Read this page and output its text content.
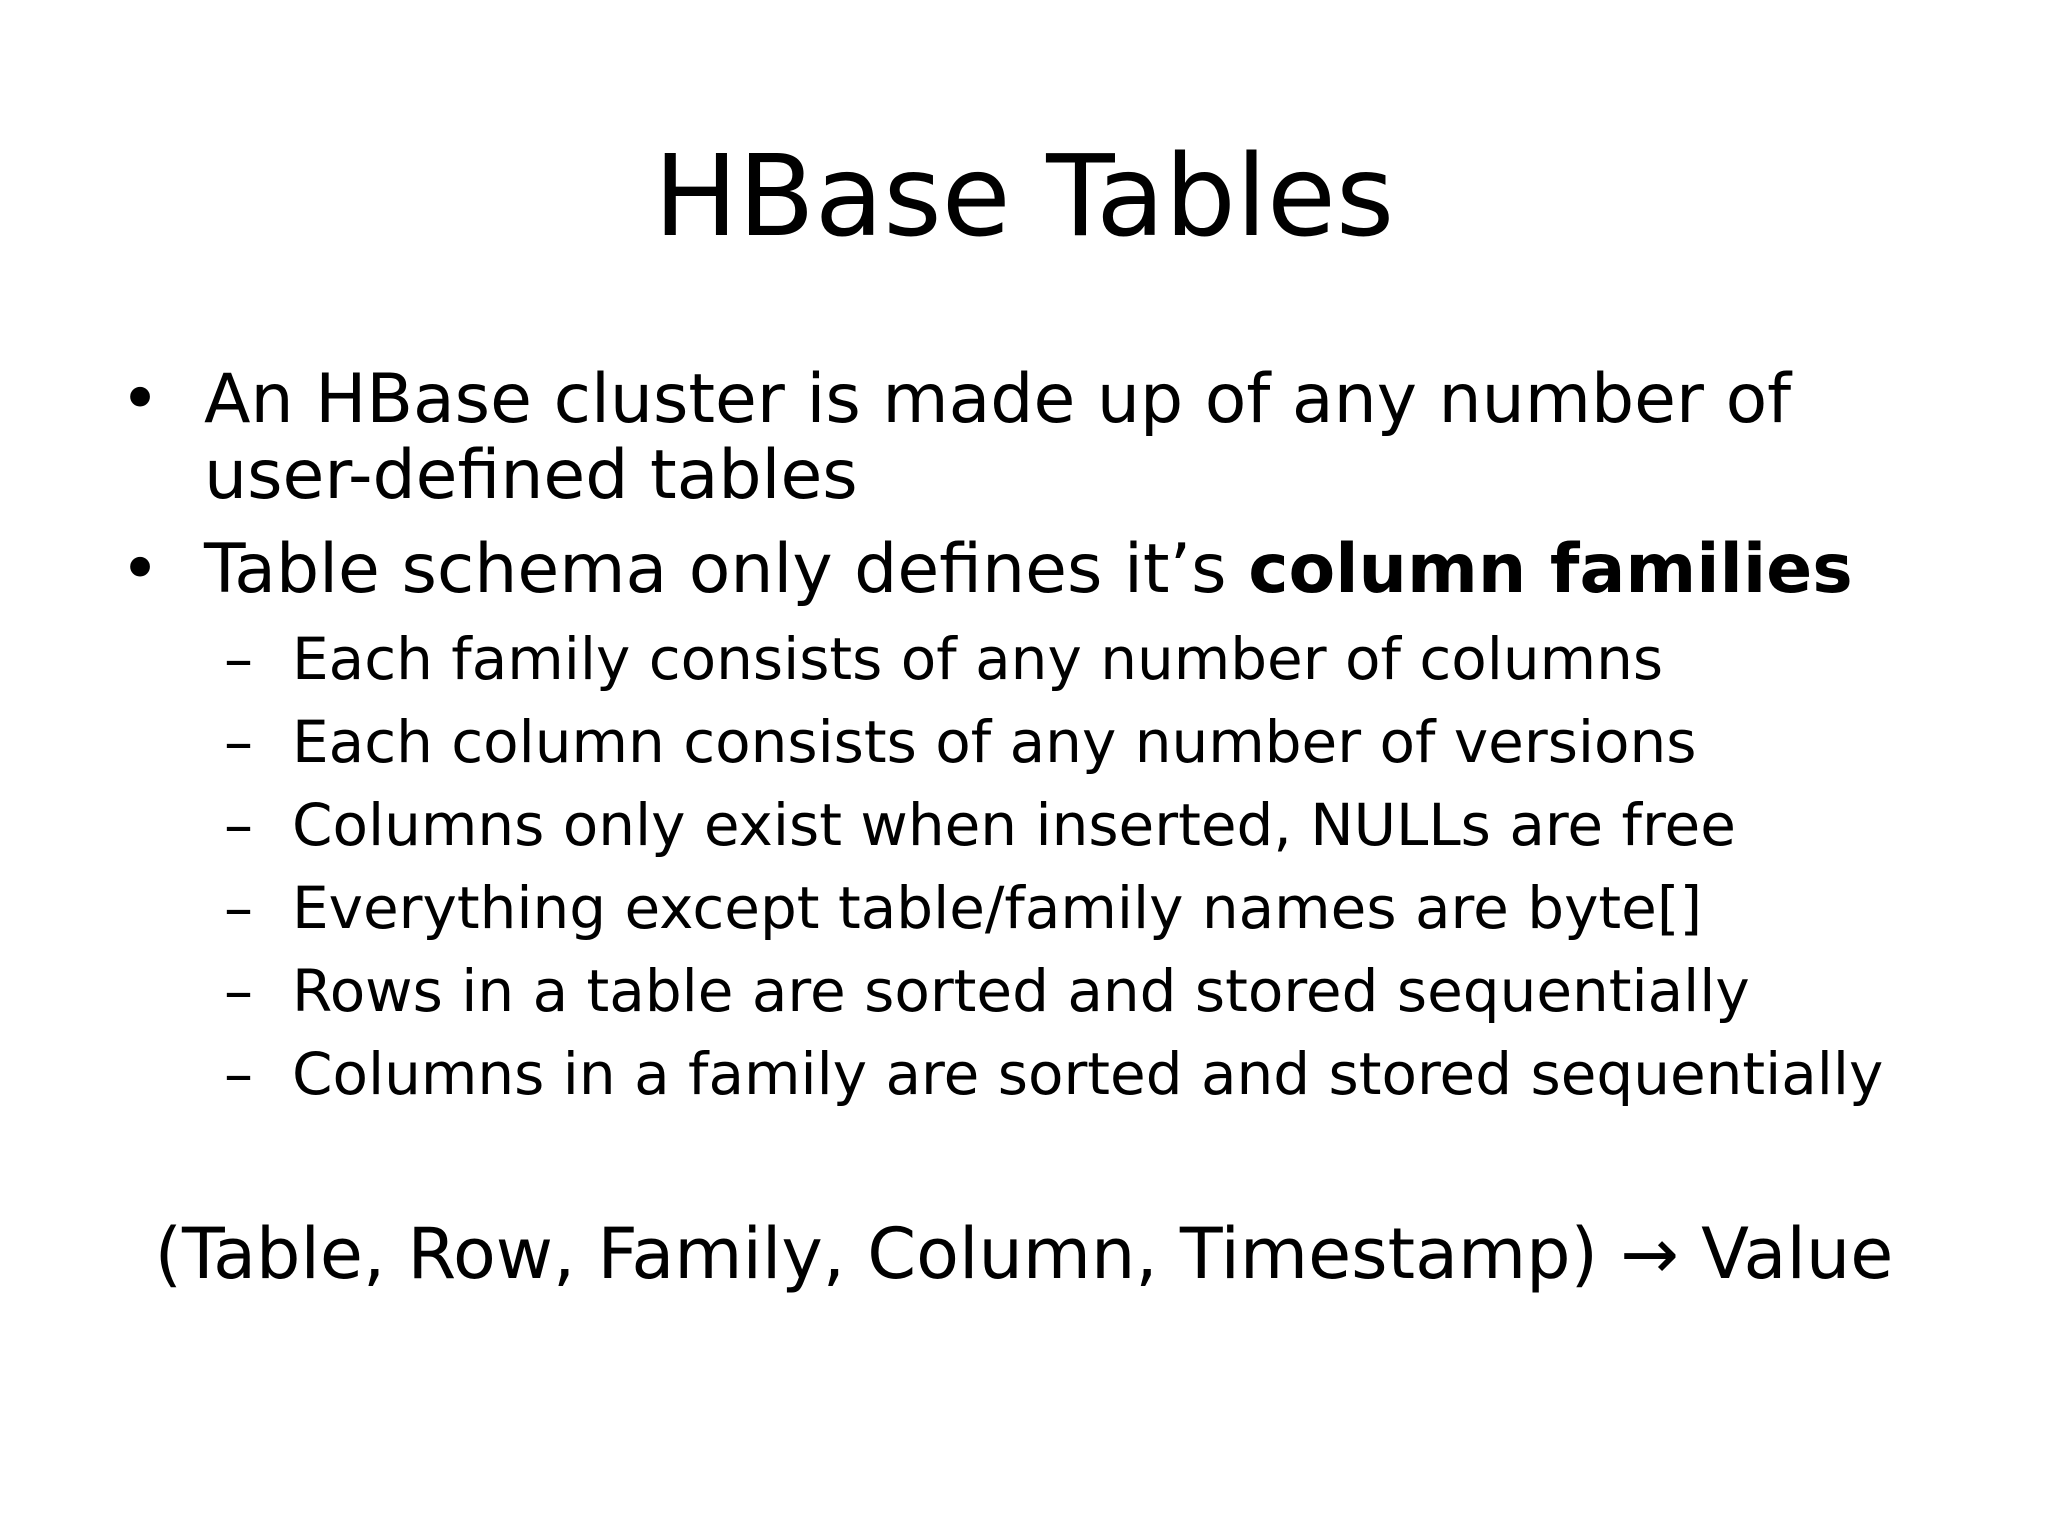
HBase Tables
• An HBase cluster is made up of any number of user-defined tables
• Table schema only defines it’s column families
– Each family consists of any number of columns
– Each column consists of any number of versions
– Columns only exist when inserted, NULLs are free
– Everything except table/family names are byte[]
– Rows in a table are sorted and stored sequentially
– Columns in a family are sorted and stored sequentially
(Table, Row, Family, Column, Timestamp) → Value
